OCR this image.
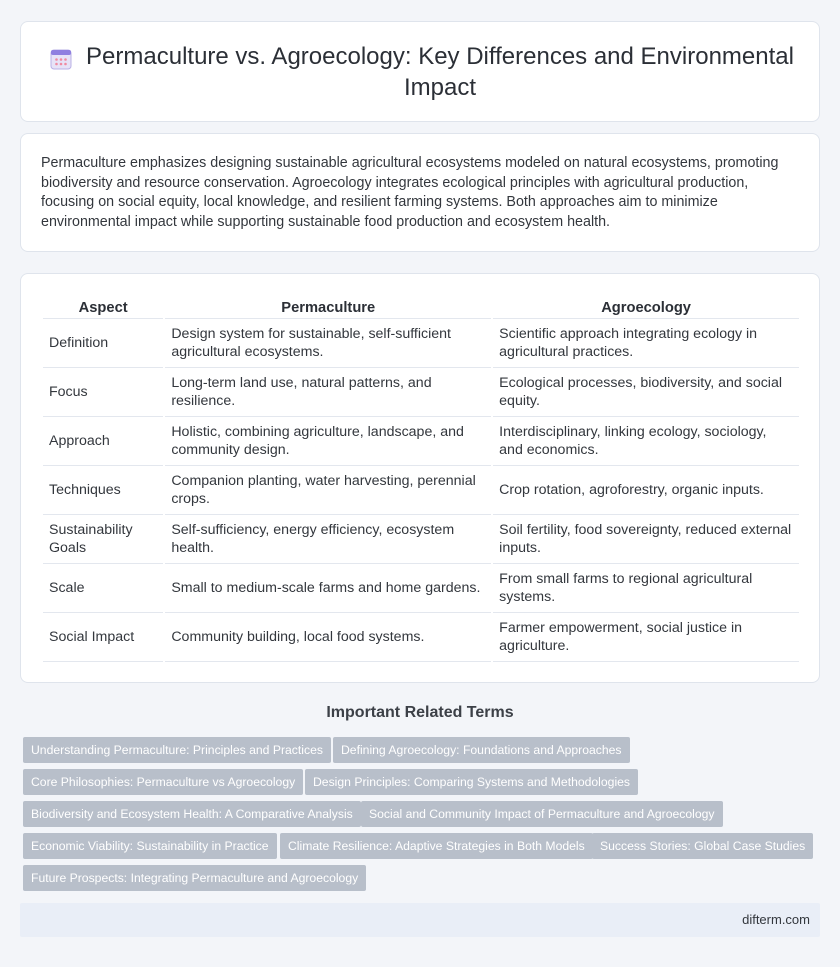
Permaculture vs. Agroecology: Key Differences and Environmental Impact

Permaculture emphasizes designing sustainable agricultural ecosystems modeled on natural ecosystems, promoting biodiversity and resource conservation. Agroecology integrates ecological principles with agricultural production, focusing on social equity, local knowledge, and resilient farming systems. Both approaches aim to minimize environmental impact while supporting sustainable food production and ecosystem health.

Aspect	Permaculture	Agroecology
Definition	Design system for sustainable, self-sufficient agricultural ecosystems.	Scientific approach integrating ecology in agricultural practices.
Focus	Long-term land use, natural patterns, and resilience.	Ecological processes, biodiversity, and social equity.
Approach	Holistic, combining agriculture, landscape, and community design.	Interdisciplinary, linking ecology, sociology, and economics.
Techniques	Companion planting, water harvesting, perennial crops.	Crop rotation, agroforestry, organic inputs.
Sustainability Goals	Self-sufficiency, energy efficiency, ecosystem health.	Soil fertility, food sovereignty, reduced external inputs.
Scale	Small to medium-scale farms and home gardens.	From small farms to regional agricultural systems.
Social Impact	Community building, local food systems.	Farmer empowerment, social justice in agriculture.
Important Related Terms
Understanding Permaculture: Principles and Practices	Defining Agroecology: Foundations and Approaches
Core Philosophies: Permaculture vs Agroecology	Design Principles: Comparing Systems and Methodologies
Biodiversity and Ecosystem Health: A Comparative Analysis	Social and Community Impact of Permaculture and Agroecology
Economic Viability: Sustainability in Practice	Climate Resilience: Adaptive Strategies in Both Models	Success Stories: Global Case Studies
Future Prospects: Integrating Permaculture and Agroecology
difterm.com
